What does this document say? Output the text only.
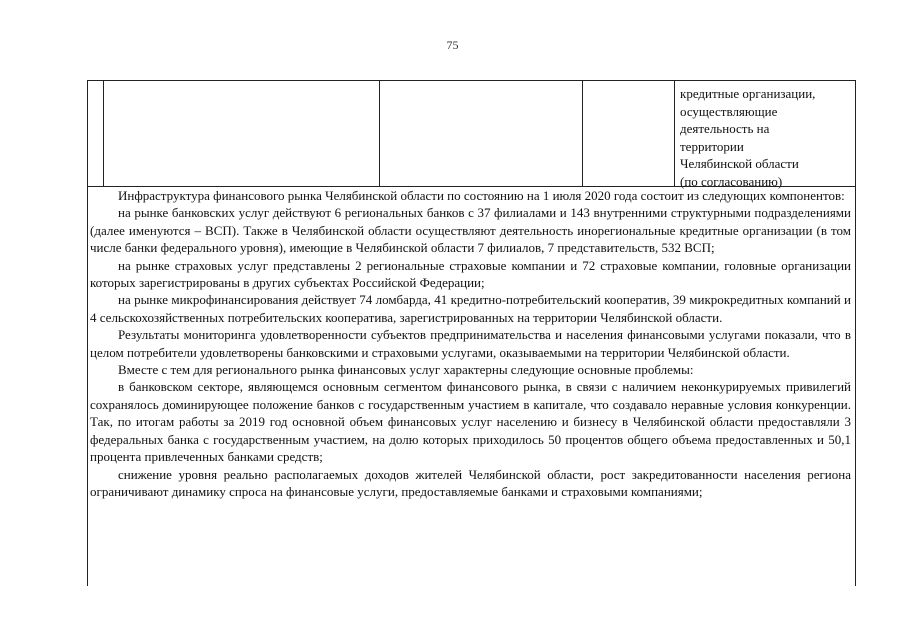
75
кредитные организации,
осуществляющие
деятельность на
территории
Челябинской области
(по согласованию)

Инфраструктура финансового рынка Челябинской области по состоянию на 1 июля 2020 года состоит из следующих компонентов:

на рынке банковских услуг действуют 6 региональных банков с 37 филиалами и 143 внутренними структурными подразделениями (далее именуются – ВСП). Также в Челябинской области осуществляют деятельность инорегиональные кредитные организации (в том числе банки федерального уровня), имеющие в Челябинской области 7 филиалов, 7 представительств, 532 ВСП;

на рынке страховых услуг представлены 2 региональные страховые компании и 72 страховые компании, головные организации которых зарегистрированы в других субъектах Российской Федерации;

на рынке микрофинансирования действует 74 ломбарда, 41 кредитно-потребительский кооператив, 39 микрокредитных компаний и 4 сельскохозяйственных потребительских кооператива, зарегистрированных на территории Челябинской области.

Результаты мониторинга удовлетворенности субъектов предпринимательства и населения финансовыми услугами показали, что в целом потребители удовлетворены банковскими и страховыми услугами, оказываемыми на территории Челябинской области.

Вместе с тем для регионального рынка финансовых услуг характерны следующие основные проблемы:

в банковском секторе, являющемся основным сегментом финансового рынка, в связи с наличием неконкурируемых привилегий сохранялось доминирующее положение банков с государственным участием в капитале, что создавало неравные условия конкуренции. Так, по итогам работы за 2019 год основной объем финансовых услуг населению и бизнесу в Челябинской области предоставляли 3 федеральных банка с государственным участием, на долю которых приходилось 50 процентов общего объема предоставленных и 50,1 процента привлеченных банками средств;

снижение уровня реально располагаемых доходов жителей Челябинской области, рост закредитованности населения региона ограничивают динамику спроса на финансовые услуги, предоставляемые банками и страховыми компаниями;
